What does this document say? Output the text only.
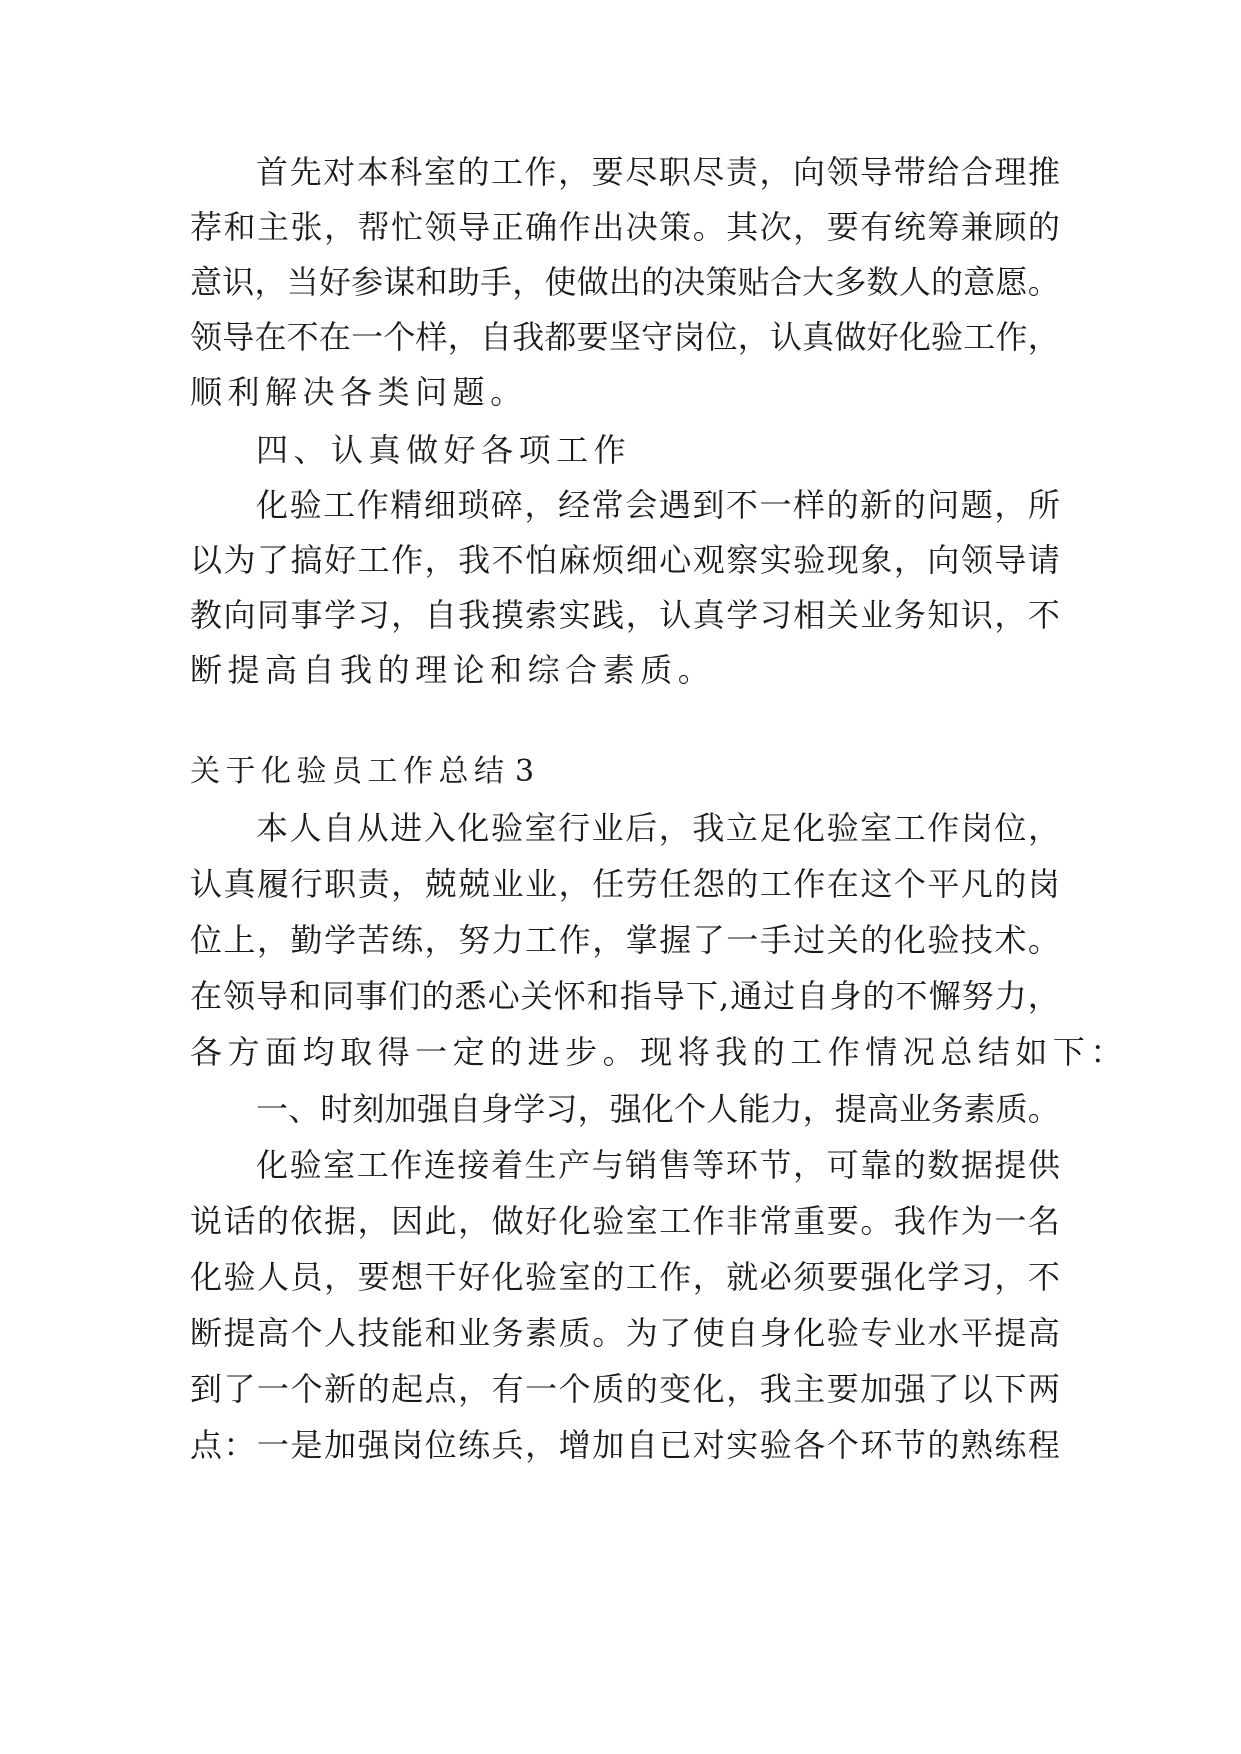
首 先 对 本 科 室 的 工 作 ， 要 尽 职 尽 责 ， 向 领 导 带 给 合 理 推
荐 和 主 张 ， 帮 忙 领 导 正 确 作 出 决 策 。 其 次 ， 要 有 统 筹 兼 顾 的
意 识 ， 当 好 参 谋 和 助 手 ， 使 做 出 的 决 策 贴 合 大 多 数 人 的 意 愿 。
领 导 在 不 在 一 个 样 ， 自 我 都 要 坚 守 岗 位 ， 认 真 做 好 化 验 工 作 ，
顺 利 解 决 各 类 问 题 。
四 、 认 真 做 好 各 项 工 作
化 验 工 作 精 细 琐 碎 ， 经 常 会 遇 到 不 一 样 的 新 的 问 题 ， 所
以 为 了 搞 好 工 作 ， 我 不 怕 麻 烦 细 心 观 察 实 验 现 象 ， 向 领 导 请
教 向 同 事 学 习 ， 自 我 摸 索 实 践 ， 认 真 学 习 相 关 业 务 知 识 ， 不
断 提 高 自 我 的 理 论 和 综 合 素 质 。
关 于 化 验 员 工 作 总 结 3
本 人 自 从 进 入 化 验 室 行 业 后 ， 我 立 足 化 验 室 工 作 岗 位 ，
认 真 履 行 职 责 ， 兢 兢 业 业 ， 任 劳 任 怨 的 工 作 在 这 个 平 凡 的 岗
位 上 ， 勤 学 苦 练 ， 努 力 工 作 ， 掌 握 了 一 手 过 关 的 化 验 技 术 。
在 领 导 和 同 事 们 的 悉 心 关 怀 和 指 导 下 , 通 过 自 身 的 不 懈 努 力 ，
各 方 面 均 取 得 一 定 的 进 步 。 现 将 我 的 工 作 情 况 总 结 如 下 ：
一 、 时 刻 加 强 自 身 学 习 ， 强 化 个 人 能 力 ， 提 高 业 务 素 质 。
化 验 室 工 作 连 接 着 生 产 与 销 售 等 环 节 ， 可 靠 的 数 据 提 供
说 话 的 依 据 ， 因 此 ， 做 好 化 验 室 工 作 非 常 重 要 。 我 作 为 一 名
化 验 人 员 ， 要 想 干 好 化 验 室 的 工 作 ， 就 必 须 要 强 化 学 习 ， 不
断 提 高 个 人 技 能 和 业 务 素 质 。 为 了 使 自 身 化 验 专 业 水 平 提 高
到 了 一 个 新 的 起 点 ， 有 一 个 质 的 变 化 ， 我 主 要 加 强 了 以 下 两
点 ： 一 是 加 强 岗 位 练 兵 ， 增 加 自 已 对 实 验 各 个 环 节 的 熟 练 程
